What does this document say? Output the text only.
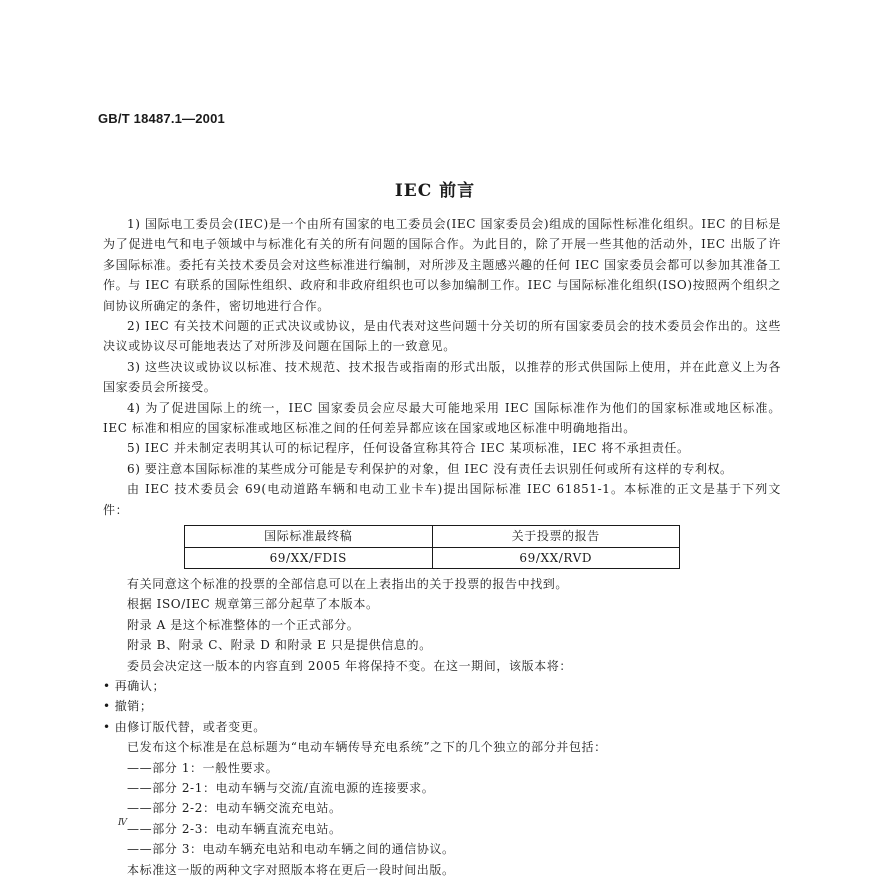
GB/T 18487.1—2001
IEC 前言

1) 国际电工委员会(IEC)是一个由所有国家的电工委员会(IEC 国家委员会)组成的国际性标准化组织。IEC 的目标是为了促进电气和电子领域中与标准化有关的所有问题的国际合作。为此目的，除了开展一些其他的活动外，IEC 出版了许多国际标准。委托有关技术委员会对这些标准进行编制，对所涉及主题感兴趣的任何 IEC 国家委员会都可以参加其准备工作。与 IEC 有联系的国际性组织、政府和非政府组织也可以参加编制工作。IEC 与国际标准化组织(ISO)按照两个组织之间协议所确定的条件，密切地进行合作。

2) IEC 有关技术问题的正式决议或协议，是由代表对这些问题十分关切的所有国家委员会的技术委员会作出的。这些决议或协议尽可能地表达了对所涉及问题在国际上的一致意见。

3) 这些决议或协议以标准、技术规范、技术报告或指南的形式出版，以推荐的形式供国际上使用，并在此意义上为各国家委员会所接受。

4) 为了促进国际上的统一，IEC 国家委员会应尽最大可能地采用 IEC 国际标准作为他们的国家标准或地区标准。IEC 标准和相应的国家标准或地区标准之间的任何差异都应该在国家或地区标准中明确地指出。

5) IEC 并未制定表明其认可的标记程序，任何设备宣称其符合 IEC 某项标准，IEC 将不承担责任。

6) 要注意本国际标准的某些成分可能是专利保护的对象，但 IEC 没有责任去识别任何或所有这样的专利权。

由 IEC 技术委员会 69(电动道路车辆和电动工业卡车)提出国际标准 IEC 61851-1。本标准的正文是基于下列文件：

国际标准最终稿	关于投票的报告
69/XX/FDIS	69/XX/RVD

有关同意这个标准的投票的全部信息可以在上表指出的关于投票的报告中找到。

根据 ISO/IEC 规章第三部分起草了本版本。

附录 A 是这个标准整体的一个正式部分。

附录 B、附录 C、附录 D 和附录 E 只是提供信息的。

委员会决定这一版本的内容直到 2005 年将保持不变。在这一期间，该版本将：

• 再确认；

• 撤销；

• 由修订版代替，或者变更。

已发布这个标准是在总标题为“电动车辆传导充电系统”之下的几个独立的部分并包括：

——部分 1：一般性要求。

——部分 2-1：电动车辆与交流/直流电源的连接要求。

——部分 2-2：电动车辆交流充电站。

——部分 2-3：电动车辆直流充电站。

——部分 3：电动车辆充电站和电动车辆之间的通信协议。

本标准这一版的两种文字对照版本将在更后一段时间出版。

Ⅳ
